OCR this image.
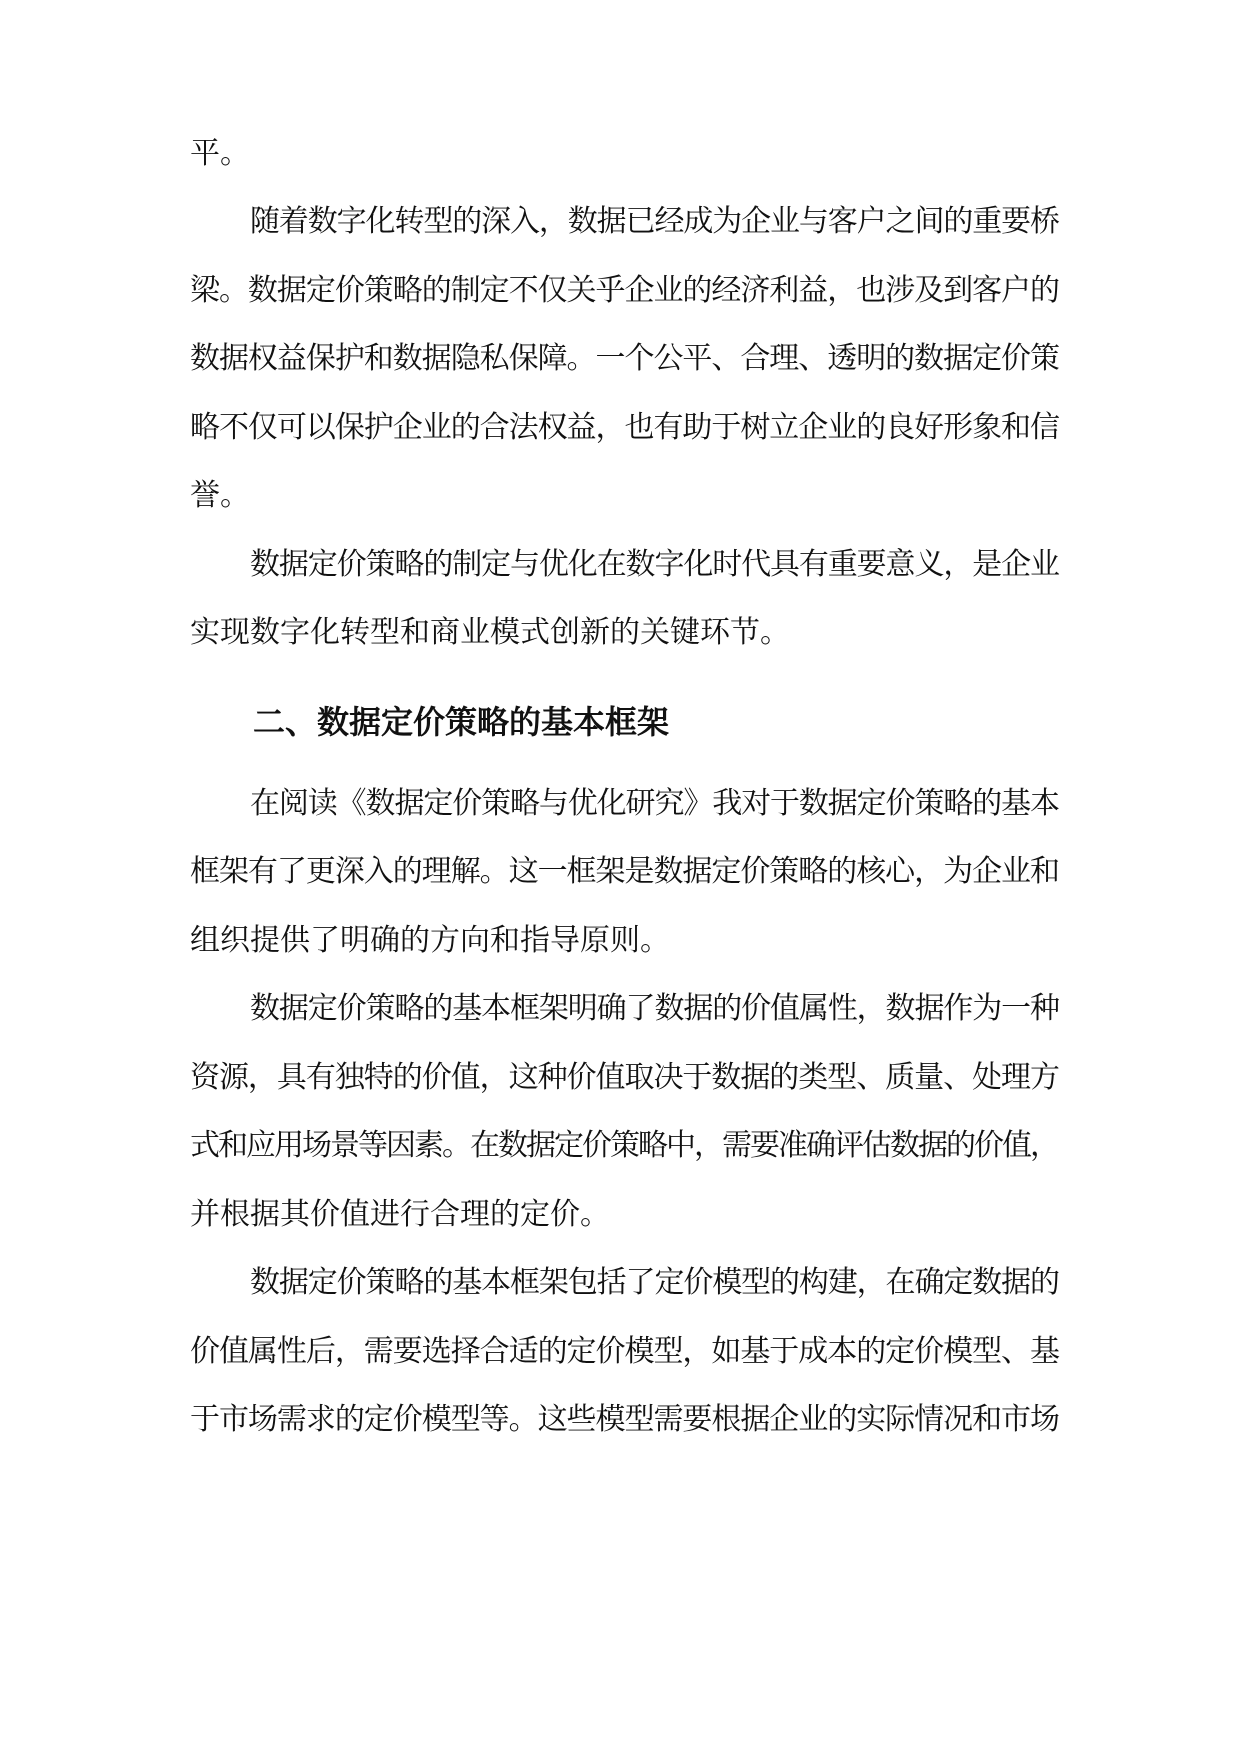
平。
随着数字化转型的深入，数据已经成为企业与客户之间的重要桥
梁。数据定价策略的制定不仅关乎企业的经济利益，也涉及到客户的
数据权益保护和数据隐私保障。一个公平、合理、透明的数据定价策
略不仅可以保护企业的合法权益，也有助于树立企业的良好形象和信
誉。
数据定价策略的制定与优化在数字化时代具有重要意义，是企业
实现数字化转型和商业模式创新的关键环节。
二、数据定价策略的基本框架
在阅读《数据定价策略与优化研究》我对于数据定价策略的基本
框架有了更深入的理解。这一框架是数据定价策略的核心，为企业和
组织提供了明确的方向和指导原则。
数据定价策略的基本框架明确了数据的价值属性，数据作为一种
资源，具有独特的价值，这种价值取决于数据的类型、质量、处理方
式和应用场景等因素。在数据定价策略中，需要准确评估数据的价值，
并根据其价值进行合理的定价。
数据定价策略的基本框架包括了定价模型的构建，在确定数据的
价值属性后，需要选择合适的定价模型，如基于成本的定价模型、基
于市场需求的定价模型等。这些模型需要根据企业的实际情况和市场
